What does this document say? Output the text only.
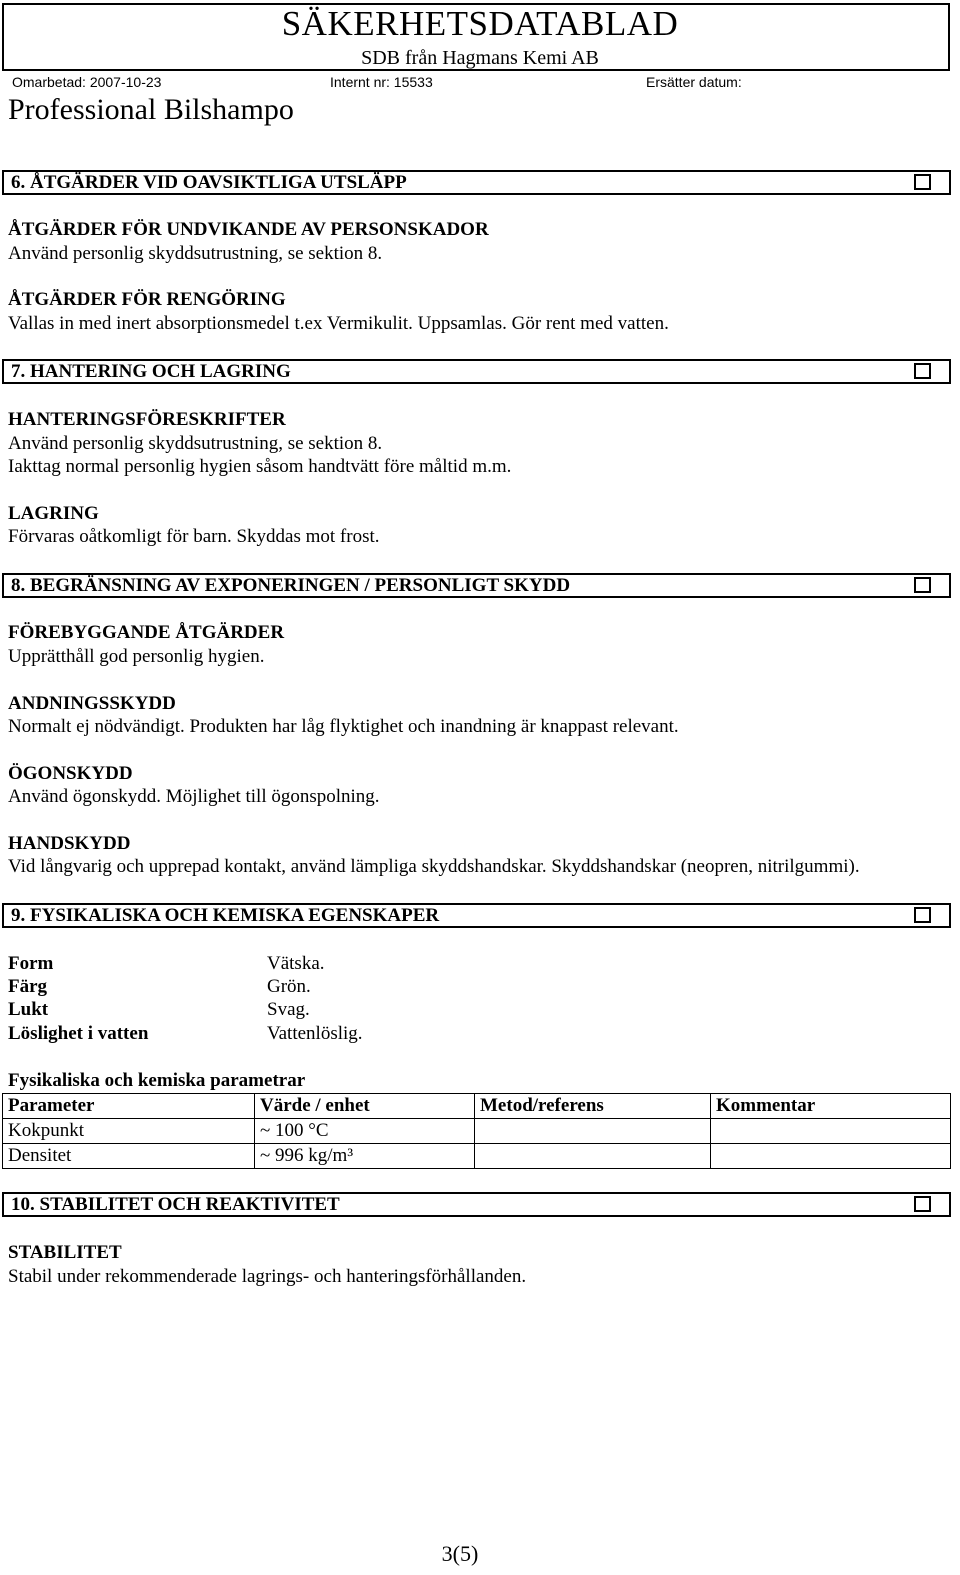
SÄKERHETSDATABLAD
SDB från Hagmans Kemi AB
Omarbetad: 2007-10-23	Internt nr: 15533	Ersätter datum:
Professional Bilshampo
6. ÅTGÄRDER VID OAVSIKTLIGA UTSLÄPP
ÅTGÄRDER FÖR UNDVIKANDE AV PERSONSKADOR
Använd personlig skyddsutrustning, se sektion 8.
ÅTGÄRDER FÖR RENGÖRING
Vallas in med inert absorptionsmedel t.ex Vermikulit. Uppsamlas. Gör rent med vatten.
7. HANTERING OCH LAGRING
HANTERINGSFÖRESKRIFTER
Använd personlig skyddsutrustning, se sektion 8.
Iakttag normal personlig hygien såsom handtvätt före måltid m.m.
LAGRING
Förvaras oåtkomligt för barn. Skyddas mot frost.
8. BEGRÄNSNING AV EXPONERINGEN / PERSONLIGT SKYDD
FÖREBYGGANDE ÅTGÄRDER
Upprätthåll god personlig hygien.
ANDNINGSSKYDD
Normalt ej nödvändigt. Produkten har låg flyktighet och inandning är knappast relevant.
ÖGONSKYDD
Använd ögonskydd. Möjlighet till ögonspolning.
HANDSKYDD
Vid långvarig och upprepad kontakt, använd lämpliga skyddshandskar. Skyddshandskar (neopren, nitrilgummi).
9. FYSIKALISKA OCH KEMISKA EGENSKAPER
Form	Vätska.
Färg	Grön.
Lukt	Svag.
Löslighet i vatten	Vattenlöslig.
Fysikaliska och kemiska parametrar
Parameter	Värde / enhet	Metod/referens	Kommentar
Kokpunkt	~ 100 °C		
Densitet	~ 996 kg/m³		
10. STABILITET OCH REAKTIVITET
STABILITET
Stabil under rekommenderade lagrings- och hanteringsförhållanden.
3(5)
